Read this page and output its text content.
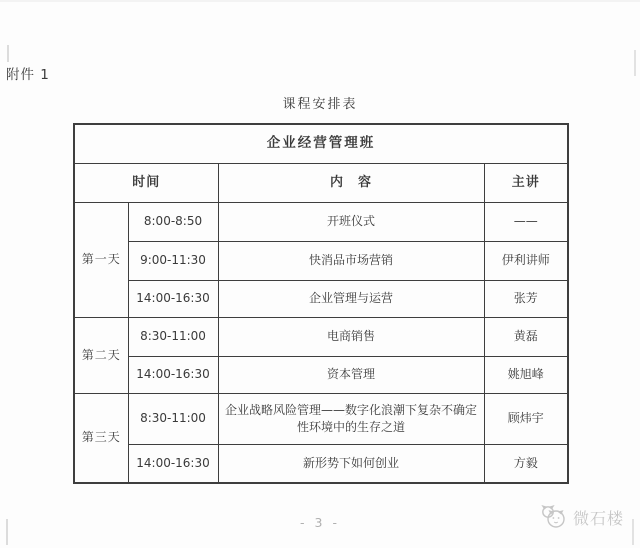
附件 1
课程安排表
企业经营管理班			
时间		内　容	主讲
第一天	8:00-8:50	开班仪式	——
	9:00-11:30	快消品市场营销	伊利讲师
	14:00-16:30	企业管理与运营	张芳
第二天	8:30-11:00	电商销售	黄磊
	14:00-16:30	资本管理	姚旭峰
第三天	8:30-11:00	企业战略风险管理——数字化浪潮下复杂不确定性环境中的生存之道	顾炜宇
	14:00-16:30	新形势下如何创业	方毅
- 3 -	微石楼
